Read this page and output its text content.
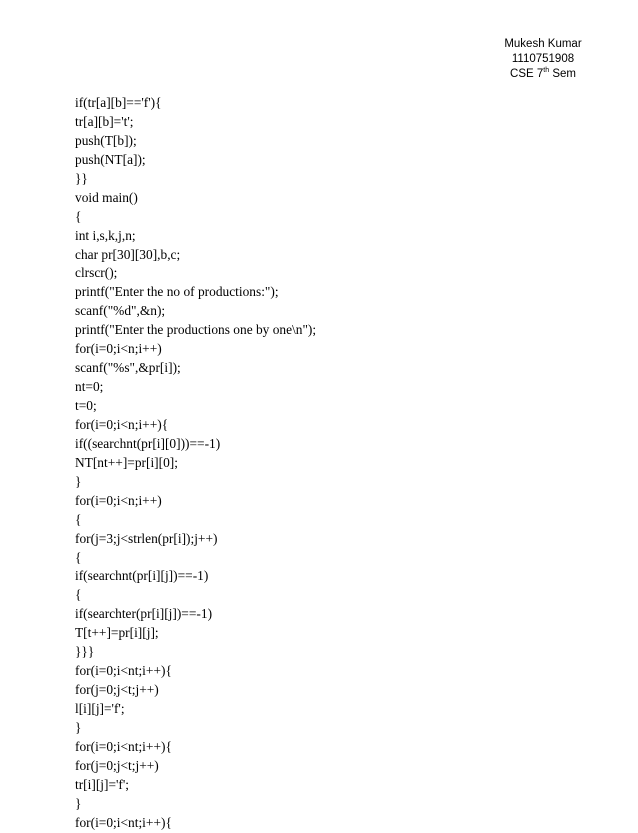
Mukesh Kumar
1110751908
CSE 7th Sem
if(tr[a][b]=='f'){
tr[a][b]='t';
push(T[b]);
push(NT[a]);
}}
void main()
{
int i,s,k,j,n;
char pr[30][30],b,c;
clrscr();
printf("Enter the no of productions:");
scanf("%d",&n);
printf("Enter the productions one by one\n");
for(i=0;i<n;i++)
scanf("%s",&pr[i]);
nt=0;
t=0;
for(i=0;i<n;i++){
if((searchnt(pr[i][0]))==-1)
NT[nt++]=pr[i][0];
}
for(i=0;i<n;i++)
{
for(j=3;j<strlen(pr[i]);j++)
{
if(searchnt(pr[i][j])==-1)
{
if(searchter(pr[i][j])==-1)
T[t++]=pr[i][j];
}}}
for(i=0;i<nt;i++){
for(j=0;j<t;j++)
l[i][j]='f';
}
for(i=0;i<nt;i++){
for(j=0;j<t;j++)
tr[i][j]='f';
}
for(i=0;i<nt;i++){
